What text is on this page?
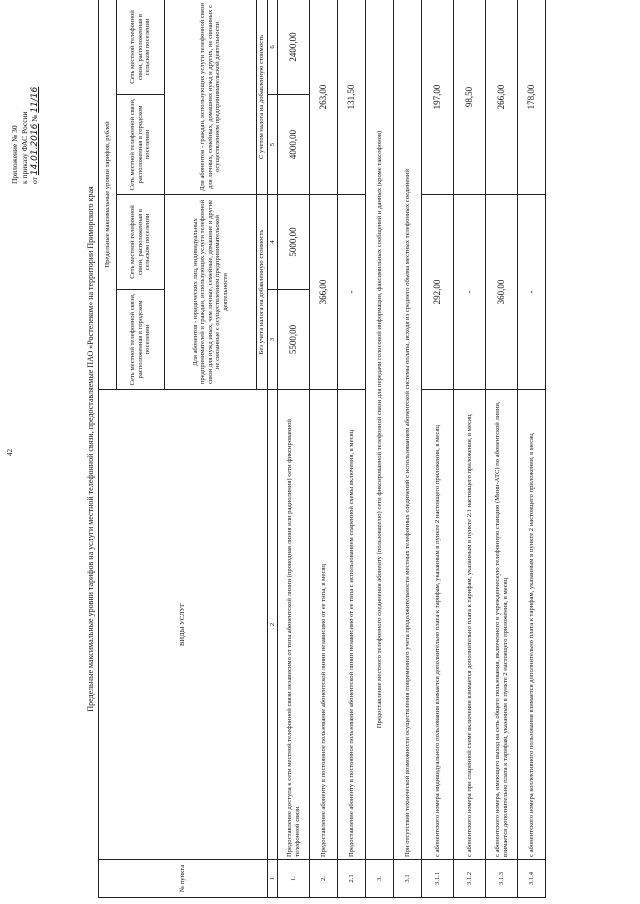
42
Приложение № 30 к приказу ФАС России от 14.01.2016 № 11/16
Предельные максимальные уровни тарифов на услуги местной телефонной связи, предоставляемые ПАО «Ростелеком» на территории Приморского края
№ пункта	ВИДЫ УСЛУГ	Предельные максимальные уровни тарифов, рублей			
		Сеть местной телефонной связи, расположенная в городском поселении	Сеть местной телефонной связи, расположенная в сельском поселении	Сеть местной телефонной связи, расположенная в городском поселении	Сеть местной телефонной связи, расположенная в сельском поселении
		Для абонентов - юридических лиц, индивидуальных предпринимателей и граждан, использующих услуги телефонной связи для нужд иных, чем личные, семейные, домашние и другие не связанные с осуществлением предпринимательской деятельности		Для абонентов - граждан, использующих услуги телефонной связи для личных, семейных, домашних нужд и других, не связанных с осуществлением предпринимательской деятельности	
		Без учета налога на добавленную стоимость		С учетом налога на добавленную стоимость	
1	2	3	4	5	6
1.	Предоставление доступа к сети местной телефонной связи независимо от типа абонентской линии (проводная линия или радиолиния) сети фиксированной телефонной связи	5500,00	5000,00	4000,00	2400,00
2.	Предоставление абоненту в постоянное пользование абонентской линии независимо от ее типа, в месяц	366,00		263,00	
2.1	Предоставление абоненту в постоянное пользование абонентской линии независимо от ее типа с использованием спаренной схемы включения, в месяц	-		131,50	
3.	Предоставление местного телефонного соединения абоненту (пользователю) сети фиксированной телефонной связи для передачи голосовой информации, факсимильных сообщений и данных (кроме таксофонов)				
3.1	При отсутствии технической возможности осуществления повременного учета продолжительности местных телефонных соединений с использованием абонентской системы оплаты, исходя из среднего объема местных телефонных соединений				
3.1.1	с абонентского номера индивидуального пользования взимается дополнительно плата к тарифам, указанным в пункте 2 настоящего приложения, в месяц	292,00		197,00	
3.1.2	с абонентского номера при спаренной схеме включения взимается дополнительно плата к тарифам, указанным в пункте 2.1 настоящего приложения, в месяц	-		98,50	
3.1.3	с абонентского номера, имеющего выход на сеть общего пользования, включенного в учрежденческую телефонную станцию (Мини-АТС) по абонентской линии, взимается дополнительно плата к тарифам, указанным в пункте 2 настоящего приложения, в месяц	360,00		266,00	
3.1.4	с абонентского номера коллективного пользования взимается дополнительно плата к тарифам, указанным в пункте 2 настоящего приложения, в месяц	-		178,00	
